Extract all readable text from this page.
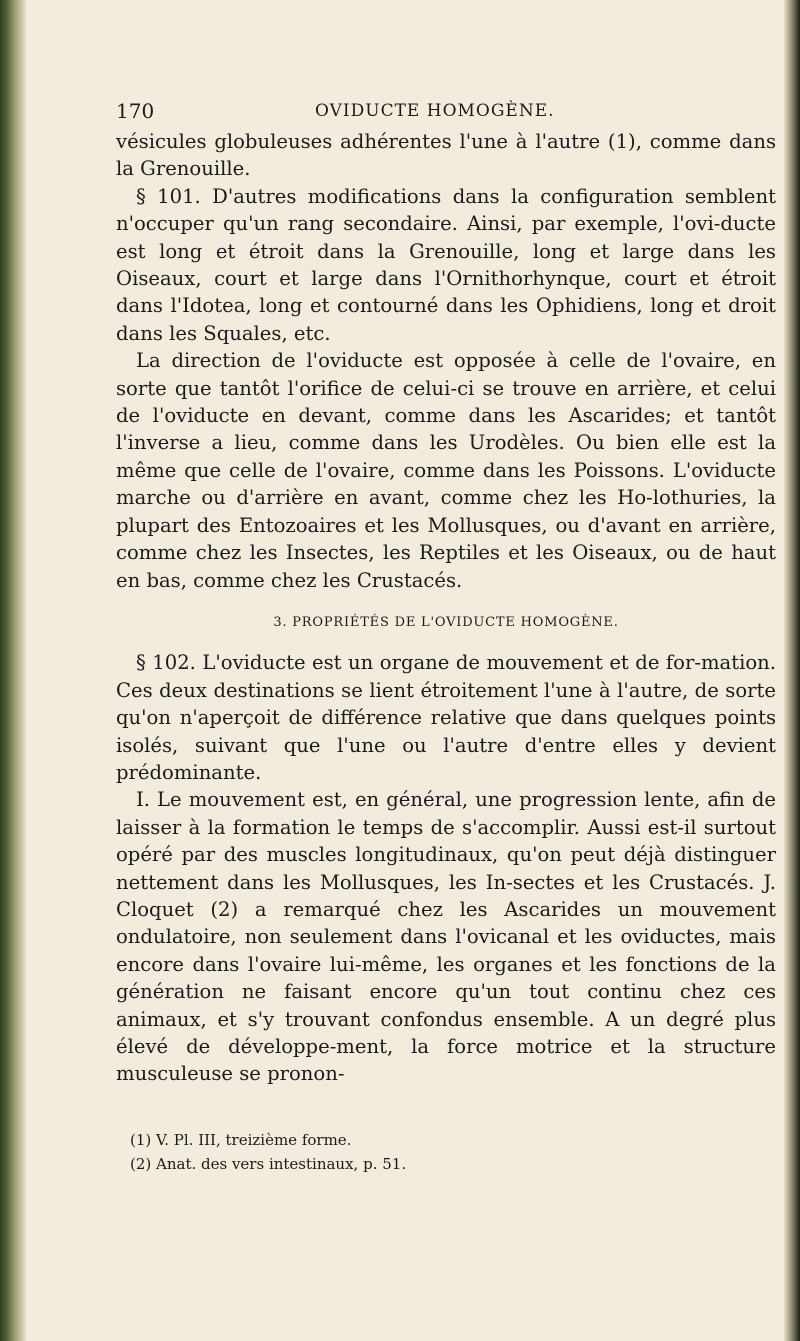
170	OVIDUCTE HOMOGÈNE.

vésicules globuleuses adhérentes l'une à l'autre (1), comme dans la Grenouille.

§ 101. D'autres modifications dans la configuration semblent n'occuper qu'un rang secondaire. Ainsi, par exemple, l'ovi-ducte est long et étroit dans la Grenouille, long et large dans les Oiseaux, court et large dans l'Ornithorhynque, court et étroit dans l'Idotea, long et contourné dans les Ophidiens, long et droit dans les Squales, etc.

La direction de l'oviducte est opposée à celle de l'ovaire, en sorte que tantôt l'orifice de celui-ci se trouve en arrière, et celui de l'oviducte en devant, comme dans les Ascarides; et tantôt l'inverse a lieu, comme dans les Urodèles. Ou bien elle est la même que celle de l'ovaire, comme dans les Poissons. L'oviducte marche ou d'arrière en avant, comme chez les Ho-lothuries, la plupart des Entozoaires et les Mollusques, ou d'avant en arrière, comme chez les Insectes, les Reptiles et les Oiseaux, ou de haut en bas, comme chez les Crustacés.

3. PROPRIÉTÉS DE L'OVIDUCTE HOMOGÈNE.

§ 102. L'oviducte est un organe de mouvement et de for-mation. Ces deux destinations se lient étroitement l'une à l'autre, de sorte qu'on n'aperçoit de différence relative que dans quelques points isolés, suivant que l'une ou l'autre d'entre elles y devient prédominante.

I. Le mouvement est, en général, une progression lente, afin de laisser à la formation le temps de s'accomplir. Aussi est-il surtout opéré par des muscles longitudinaux, qu'on peut déjà distinguer nettement dans les Mollusques, les In-sectes et les Crustacés. J. Cloquet (2) a remarqué chez les Ascarides un mouvement ondulatoire, non seulement dans l'ovicanal et les oviductes, mais encore dans l'ovaire lui-même, les organes et les fonctions de la génération ne faisant encore qu'un tout continu chez ces animaux, et s'y trouvant confondus ensemble. A un degré plus élevé de développe-ment, la force motrice et la structure musculeuse se pronon-

(1) V. Pl. III, treizième forme.
(2) Anat. des vers intestinaux, p. 51.
